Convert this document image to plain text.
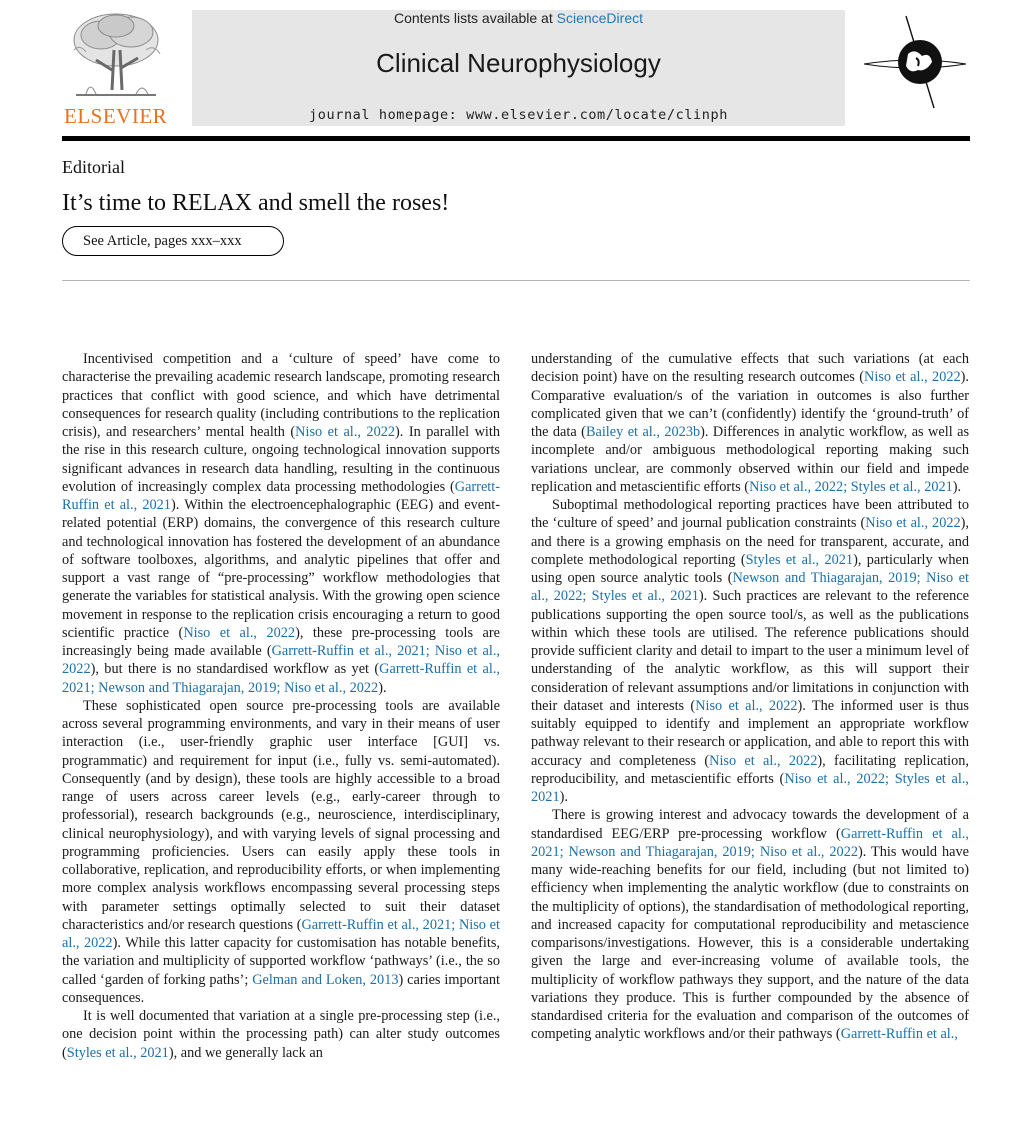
ELSEVIER
Contents lists available at ScienceDirect
Clinical Neurophysiology
journal homepage: www.elsevier.com/locate/clinph
Editorial
It’s time to RELAX and smell the roses!
See Article, pages xxx–xxx

Incentivised competition and a ‘culture of speed’ have come to characterise the prevailing academic research landscape, promoting research practices that conflict with good science, and which have detrimental consequences for research quality (including contributions to the replication crisis), and researchers’ mental health (Niso et al., 2022). In parallel with the rise in this research culture, ongoing technological innovation supports significant advances in research data handling, resulting in the continuous evolution of increasingly complex data processing methodologies (Garrett-Ruffin et al., 2021). Within the electroencephalographic (EEG) and event-related potential (ERP) domains, the convergence of this research culture and technological innovation has fostered the development of an abundance of software toolboxes, algorithms, and analytic pipelines that offer and support a vast range of “pre-processing” workflow methodologies that generate the variables for statistical analysis. With the growing open science movement in response to the replication crisis encouraging a return to good scientific practice (Niso et al., 2022), these pre-processing tools are increasingly being made available (Garrett-Ruffin et al., 2021; Niso et al., 2022), but there is no standardised workflow as yet (Garrett-Ruffin et al., 2021; Newson and Thiagarajan, 2019; Niso et al., 2022).

These sophisticated open source pre-processing tools are available across several programming environments, and vary in their means of user interaction (i.e., user-friendly graphic user interface [GUI] vs. programmatic) and requirement for input (i.e., fully vs. semi-automated). Consequently (and by design), these tools are highly accessible to a broad range of users across career levels (e.g., early-career through to professorial), research backgrounds (e.g., neuroscience, interdisciplinary, clinical neurophysiology), and with varying levels of signal processing and programming proficiencies. Users can easily apply these tools in collaborative, replication, and reproducibility efforts, or when implementing more complex analysis workflows encompassing several processing steps with parameter settings optimally selected to suit their dataset characteristics and/or research questions (Garrett-Ruffin et al., 2021; Niso et al., 2022). While this latter capacity for customisation has notable benefits, the variation and multiplicity of supported workflow ‘pathways’ (i.e., the so called ‘garden of forking paths’; Gelman and Loken, 2013) caries important consequences.

It is well documented that variation at a single pre-processing step (i.e., one decision point within the processing path) can alter study outcomes (Styles et al., 2021), and we generally lack an

understanding of the cumulative effects that such variations (at each decision point) have on the resulting research outcomes (Niso et al., 2022). Comparative evaluation/s of the variation in outcomes is also further complicated given that we can’t (confidently) identify the ‘ground-truth’ of the data (Bailey et al., 2023b). Differences in analytic workflow, as well as incomplete and/or ambiguous methodological reporting making such variations unclear, are commonly observed within our field and impede replication and metascientific efforts (Niso et al., 2022; Styles et al., 2021).

Suboptimal methodological reporting practices have been attributed to the ‘culture of speed’ and journal publication constraints (Niso et al., 2022), and there is a growing emphasis on the need for transparent, accurate, and complete methodological reporting (Styles et al., 2021), particularly when using open source analytic tools (Newson and Thiagarajan, 2019; Niso et al., 2022; Styles et al., 2021). Such practices are relevant to the reference publications supporting the open source tool/s, as well as the publications within which these tools are utilised. The reference publications should provide sufficient clarity and detail to impart to the user a minimum level of understanding of the analytic workflow, as this will support their consideration of relevant assumptions and/or limitations in conjunction with their dataset and interests (Niso et al., 2022). The informed user is thus suitably equipped to identify and implement an appropriate workflow pathway relevant to their research or application, and able to report this with accuracy and completeness (Niso et al., 2022), facilitating replication, reproducibility, and metascientific efforts (Niso et al., 2022; Styles et al., 2021).

There is growing interest and advocacy towards the development of a standardised EEG/ERP pre-processing workflow (Garrett-Ruffin et al., 2021; Newson and Thiagarajan, 2019; Niso et al., 2022). This would have many wide-reaching benefits for our field, including (but not limited to) efficiency when implementing the analytic workflow (due to constraints on the multiplicity of options), the standardisation of methodological reporting, and increased capacity for computational reproducibility and metascience comparisons/investigations. However, this is a considerable undertaking given the large and ever-increasing volume of available tools, the multiplicity of workflow pathways they support, and the nature of the data variations they produce. This is further compounded by the absence of standardised criteria for the evaluation and comparison of the outcomes of competing analytic workflows and/or their pathways (Garrett-Ruffin et al.,
